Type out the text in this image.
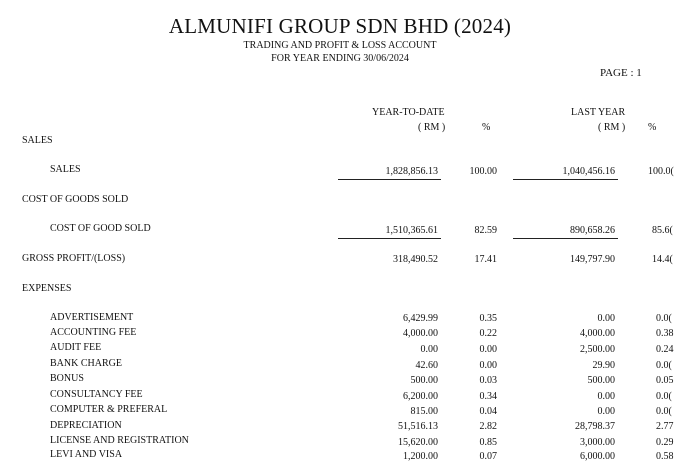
ALMUNIFI GROUP SDN BHD (2024)
TRADING AND PROFIT & LOSS ACCOUNT
FOR YEAR ENDING 30/06/2024
PAGE : 1
YEAR-TO-DATE
( RM )	%
LAST YEAR
( RM ) %
SALES
SALES	1,828,856.13	100.00	1,040,456.16	100.0(
COST OF GOODS SOLD
COST OF GOOD SOLD	1,510,365.61	82.59	890,658.26	85.6(
GROSS PROFIT/(LOSS)	318,490.52	17.41	149,797.90	14.4(
EXPENSES
ADVERTISEMENT	6,429.99	0.35	0.00	0.0(
ACCOUNTING FEE	4,000.00	0.22	4,000.00	0.38
AUDIT FEE	0.00	0.00	2,500.00	0.24
BANK CHARGE	42.60	0.00	29.90	0.0(
BONUS	500.00	0.03	500.00	0.05
CONSULTANCY FEE	6,200.00	0.34	0.00	0.0(
COMPUTER & PREFERAL	815.00	0.04	0.00	0.0(
DEPRECIATION	51,516.13	2.82	28,798.37	2.77
LICENSE AND REGISTRATION	15,620.00	0.85	3,000.00	0.29
LEVI AND VISA	1,200.00	0.07	6,000.00	0.58
